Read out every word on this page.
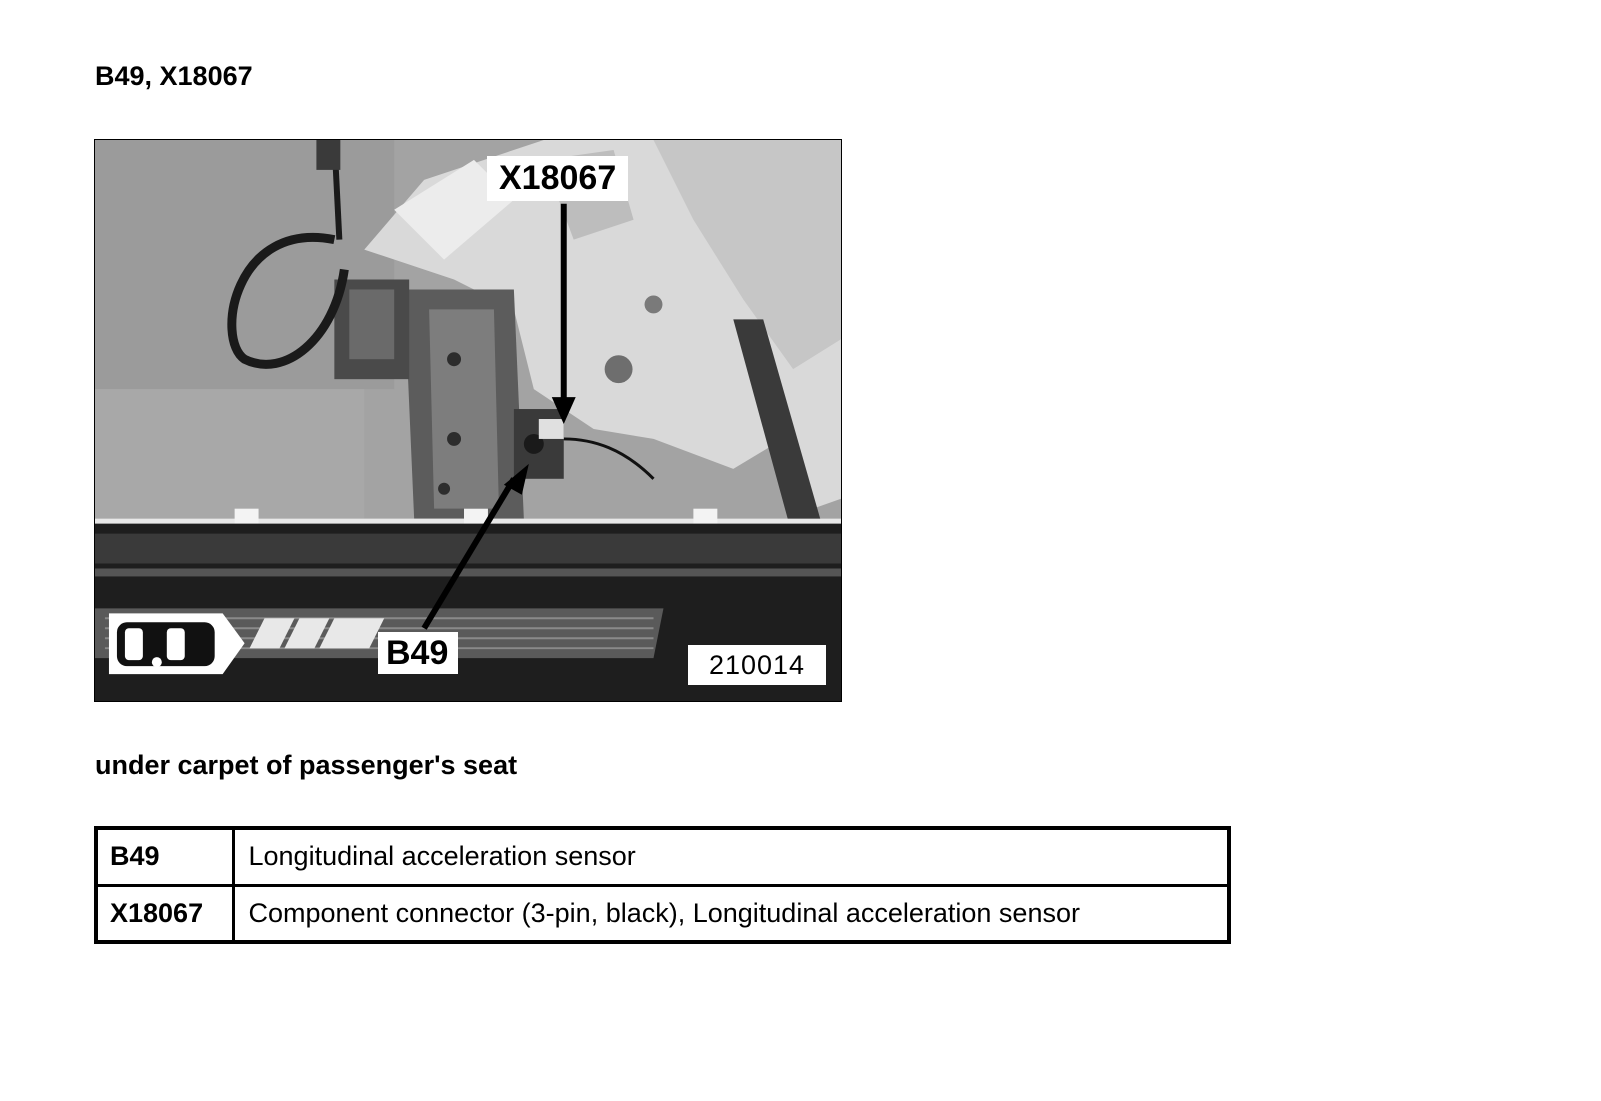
B49, X18067
X18067
B49	210014
under carpet of passenger's seat
B49	Longitudinal acceleration sensor
X18067	Component connector (3-pin, black), Longitudinal acceleration sensor
